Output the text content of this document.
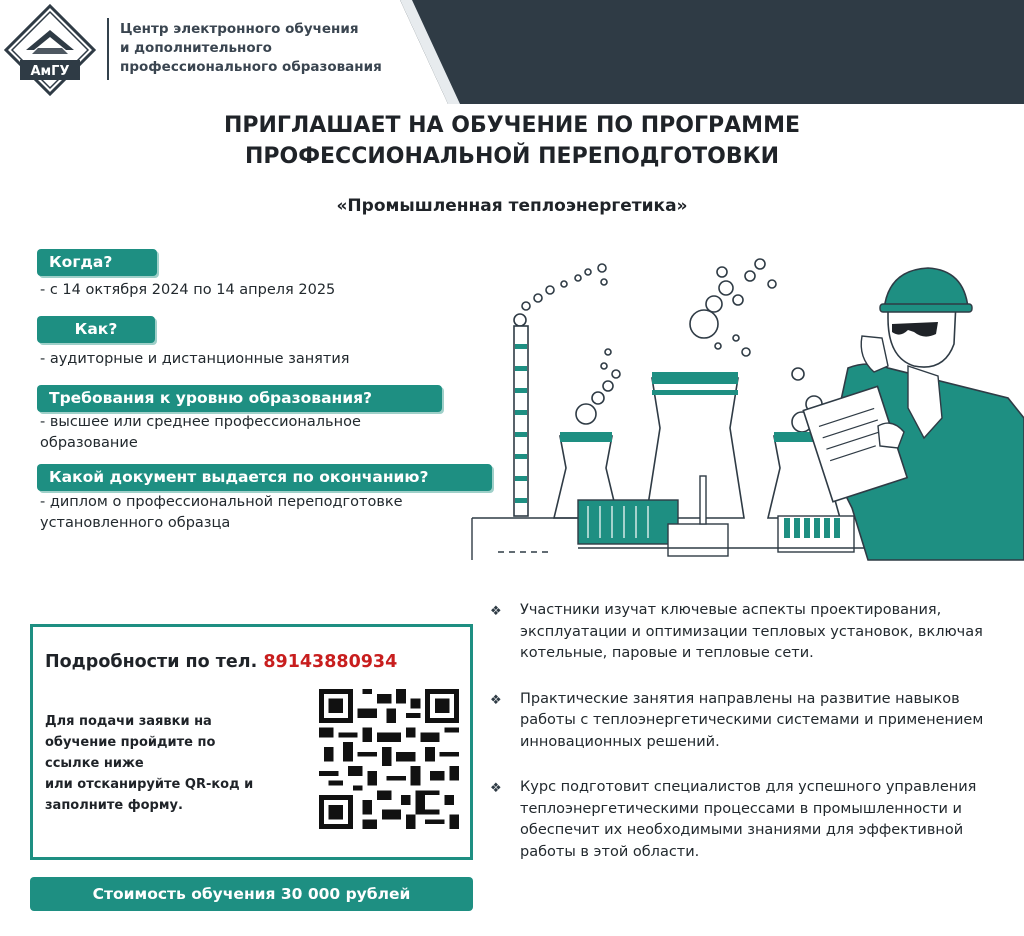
АмГУ
Центр электронного обучения
и дополнительного
профессионального образования
ПРИГЛАШАЕТ НА ОБУЧЕНИЕ ПО ПРОГРАММЕ
ПРОФЕССИОНАЛЬНОЙ ПЕРЕПОДГОТОВКИ
«Промышленная теплоэнергетика»
Когда?
- с 14 октября 2024 по 14 апреля 2025
Как?
- аудиторные и дистанционные занятия
Требования к уровню образования?
- высшее или среднее профессиональное образование
Какой документ выдается по окончанию?
- диплом о профессиональной переподготовке установленного образца
Подробности по тел. 89143880934
Для подачи заявки на
обучение пройдите по
ссылке ниже
или отсканируйте QR-код и
заполните форму.
Стоимость обучения 30 000 рублей
❖ Участники изучат ключевые аспекты проектирования, эксплуатации и оптимизации тепловых установок, включая котельные, паровые и тепловые сети.
❖ Практические занятия направлены на развитие навыков работы с теплоэнергетическими системами и применением инновационных решений.
❖ Курс подготовит специалистов для успешного управления теплоэнергетическими процессами в промышленности и обеспечит их необходимыми знаниями для эффективной работы в этой области.
